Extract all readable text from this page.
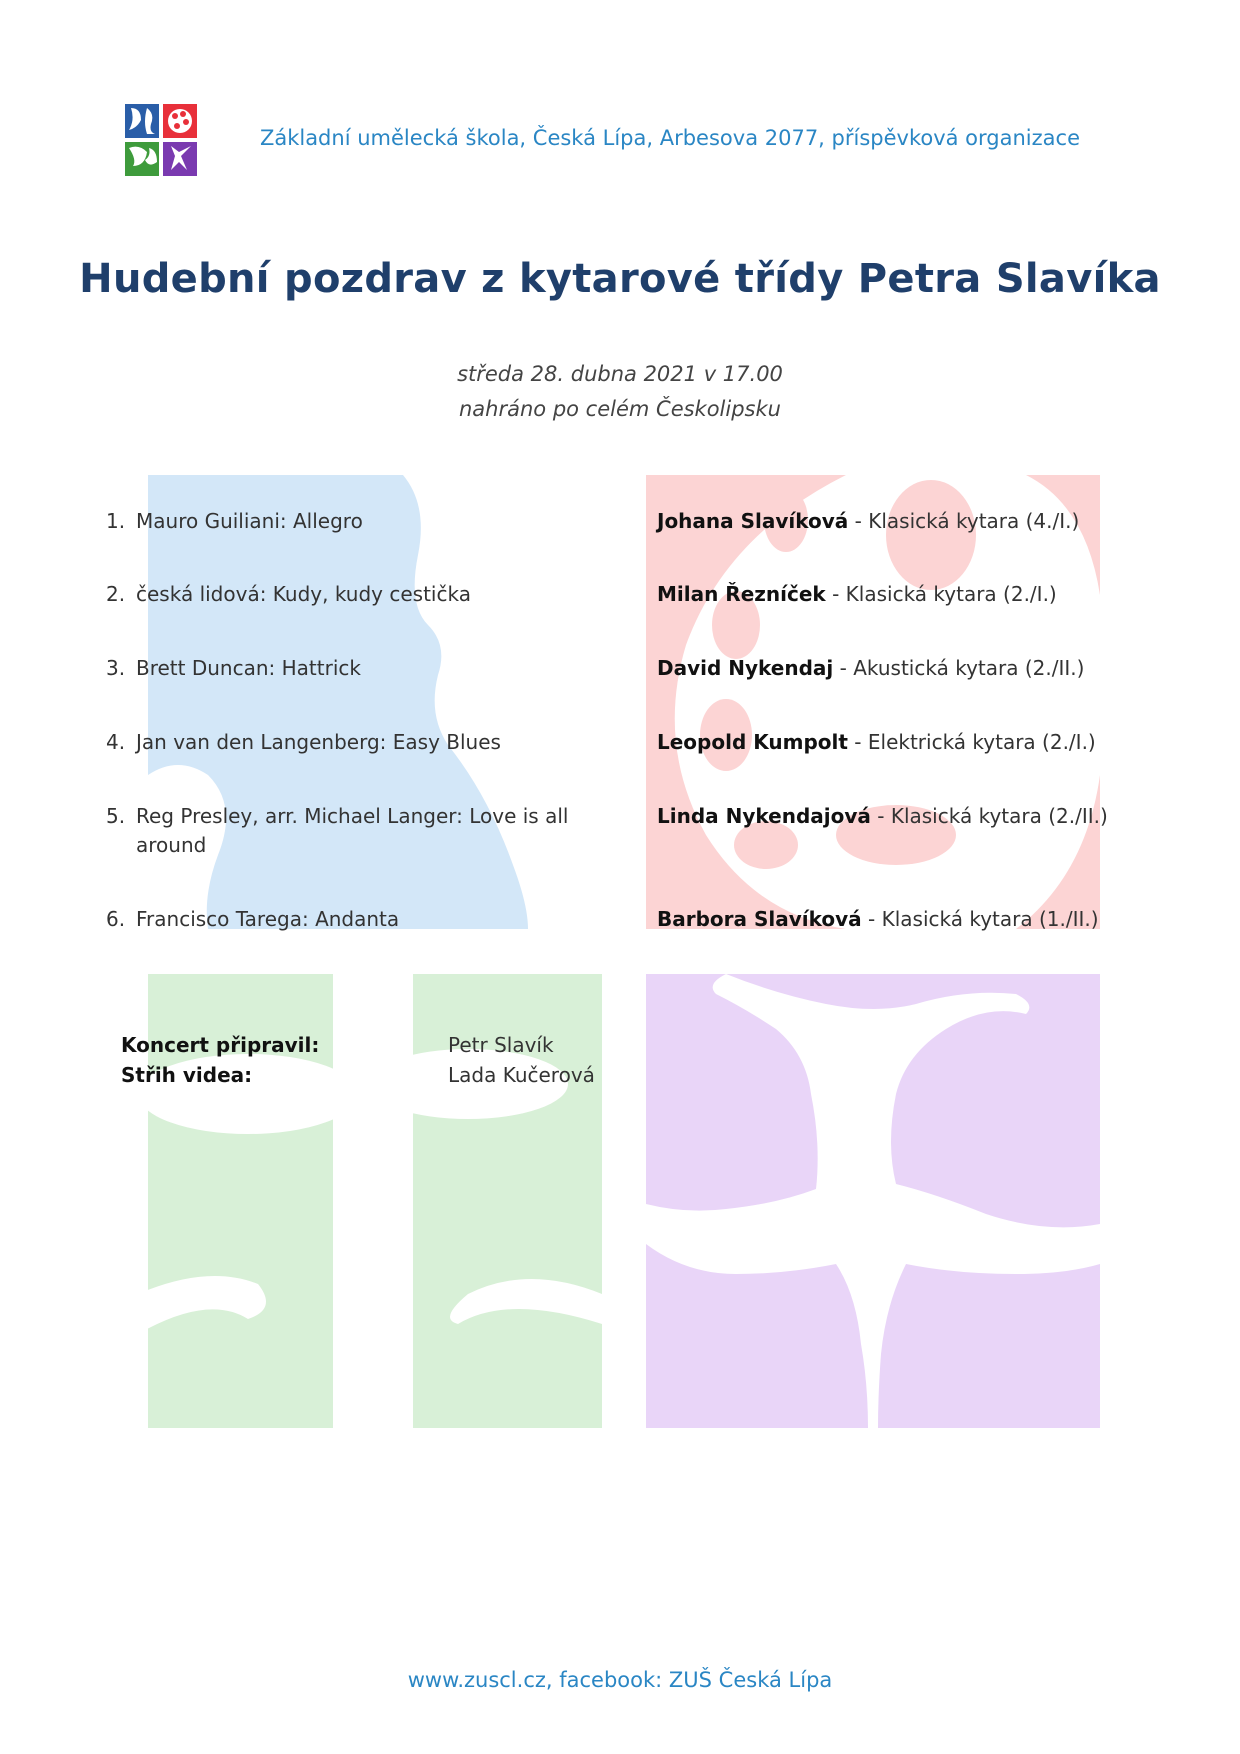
Základní umělecká škola, Česká Lípa, Arbesova 2077, příspěvková organizace
Hudební pozdrav z kytarové třídy Petra Slavíka
středa 28. dubna 2021 v 17.00
nahráno po celém Českolipsku
1. Mauro Guiliani: Allegro
2. česká lidová: Kudy, kudy cestička
3. Brett Duncan: Hattrick
4. Jan van den Langenberg: Easy Blues
5. Reg Presley, arr. Michael Langer: Love is all around
6. Francisco Tarega: Andanta
Johana Slavíková - Klasická kytara (4./I.)
Milan Řezníček - Klasická kytara (2./I.)
David Nykendaj - Akustická kytara (2./II.)
Leopold Kumpolt - Elektrická kytara (2./I.)
Linda Nykendajová - Klasická kytara (2./II.)
Barbora Slavíková - Klasická kytara (1./II.)
Koncert připravil:
Střih videa:
Petr Slavík
Lada Kučerová
www.zuscl.cz, facebook: ZUŠ Česká Lípa
